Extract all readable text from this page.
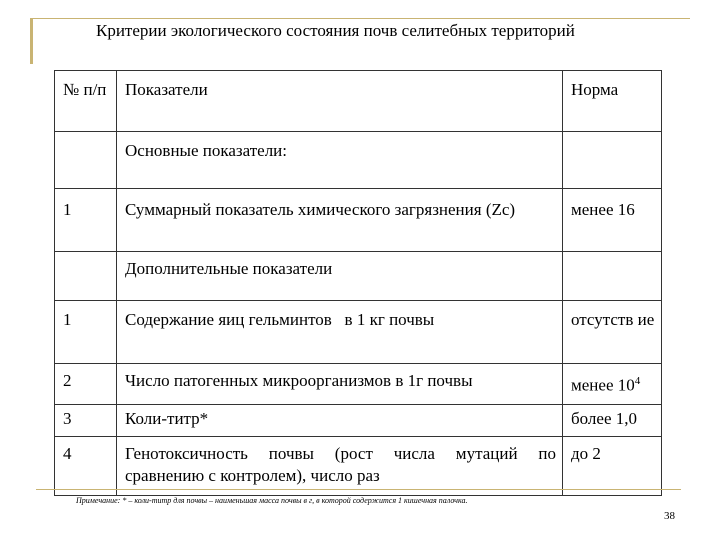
Критерии экологического состояния почв селитебных территорий
№ п/п	Показатели	Норма
	Основные показатели:	
1	Суммарный показатель химического загрязнения (Zc)	менее 16
	Дополнительные показатели	
1	Содержание яиц гельминтов   в 1 кг почвы	отсутств ие
2	Число патогенных микроорганизмов в 1г почвы	менее $10^4$
3	Коли-титр*	более 1,0
4	Генотоксичность почвы (рост числа мутаций по сравнению с контролем), число раз	до 2
Примечание: * – коли-титр для почвы – наименьшая масса почвы в г, в которой содержится 1 кишечная палочка.
38
